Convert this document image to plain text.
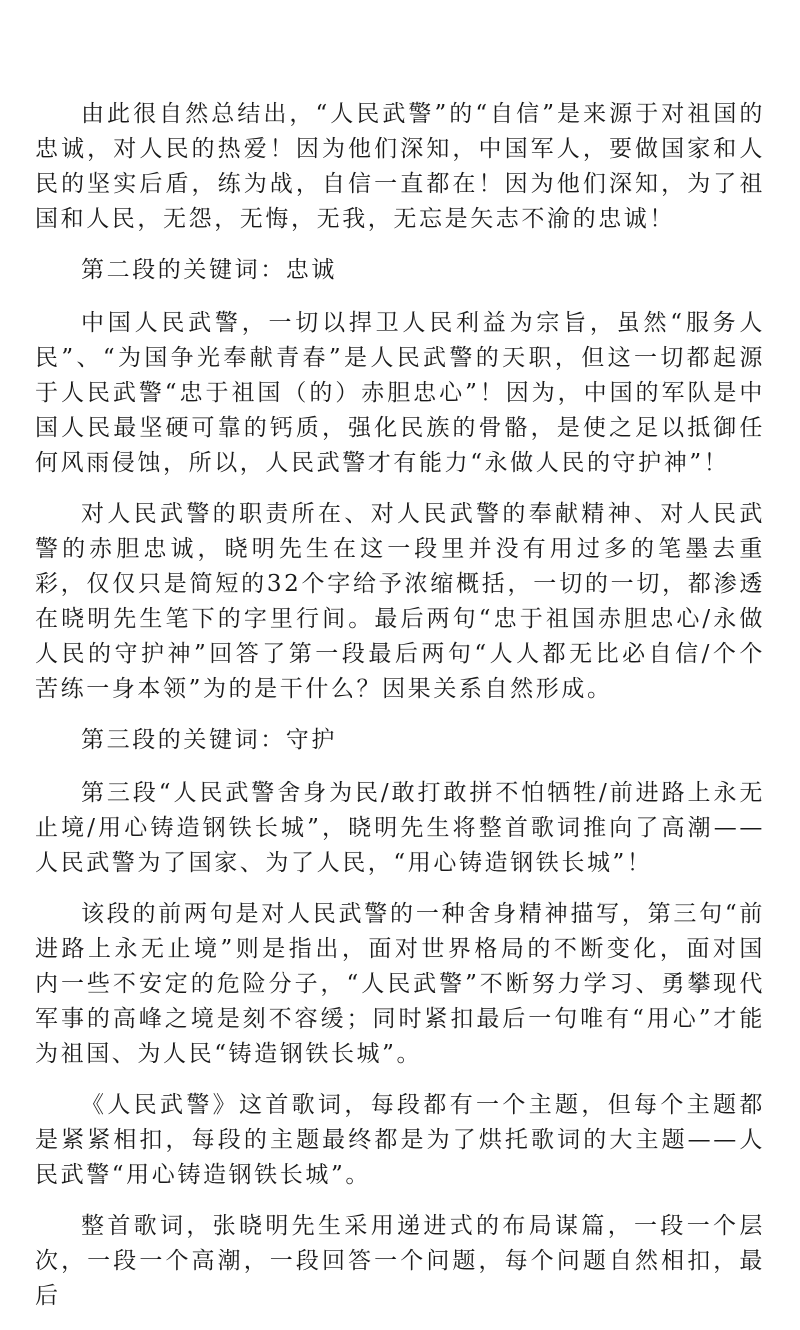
由此很自然总结出，“人民武警”的“自信”是来源于对祖国的忠诚，对人民的热爱！因为他们深知，中国军人，要做国家和人民的坚实后盾，练为战，自信一直都在！因为他们深知，为了祖国和人民，无怨，无悔，无我，无忘是矢志不渝的忠诚！

第二段的关键词：忠诚

中国人民武警，一切以捍卫人民利益为宗旨，虽然“服务人民”、“为国争光奉献青春”是人民武警的天职，但这一切都起源于人民武警“忠于祖国（的）赤胆忠心”！因为，中国的军队是中国人民最坚硬可靠的钙质，强化民族的骨骼，是使之足以抵御任何风雨侵蚀，所以，人民武警才有能力“永做人民的守护神”！

对人民武警的职责所在、对人民武警的奉献精神、对人民武警的赤胆忠诚，晓明先生在这一段里并没有用过多的笔墨去重彩，仅仅只是简短的32个字给予浓缩概括，一切的一切，都渗透在晓明先生笔下的字里行间。最后两句“忠于祖国赤胆忠心/永做人民的守护神”回答了第一段最后两句“人人都无比必自信/个个苦练一身本领”为的是干什么？因果关系自然形成。

第三段的关键词：守护

第三段“人民武警舍身为民/敢打敢拼不怕牺牲/前进路上永无止境/用心铸造钢铁长城”，晓明先生将整首歌词推向了高潮——人民武警为了国家、为了人民，“用心铸造钢铁长城”！

该段的前两句是对人民武警的一种舍身精神描写，第三句“前进路上永无止境”则是指出，面对世界格局的不断变化，面对国内一些不安定的危险分子，“人民武警”不断努力学习、勇攀现代军事的高峰之境是刻不容缓；同时紧扣最后一句唯有“用心”才能为祖国、为人民“铸造钢铁长城”。

《人民武警》这首歌词，每段都有一个主题，但每个主题都是紧紧相扣，每段的主题最终都是为了烘托歌词的大主题——人民武警“用心铸造钢铁长城”。

整首歌词，张晓明先生采用递进式的布局谋篇，一段一个层次，一段一个高潮，一段回答一个问题，每个问题自然相扣，最后
